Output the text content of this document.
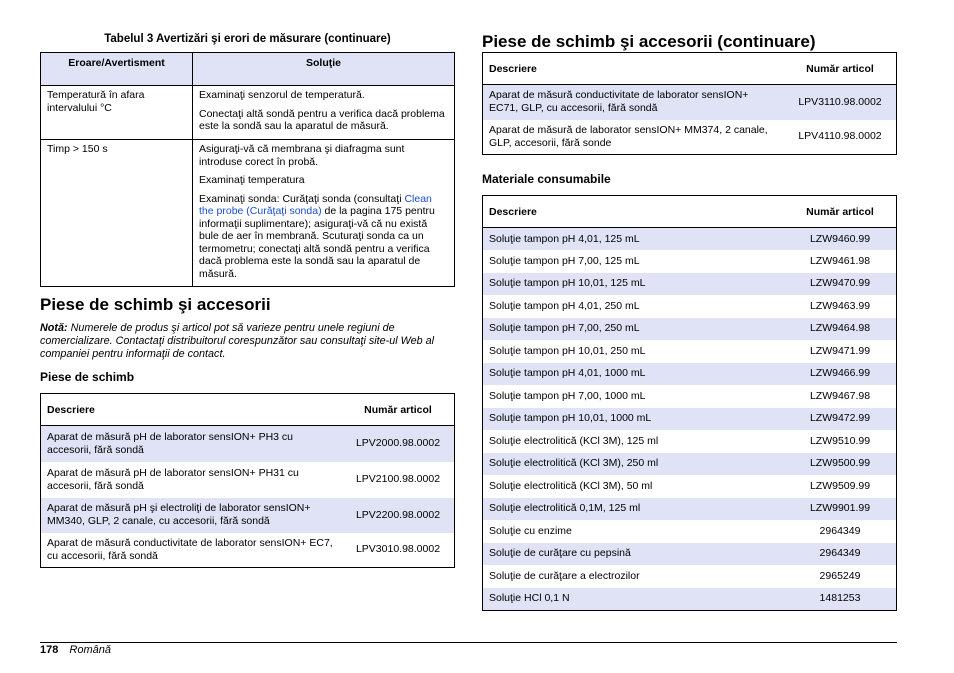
Tabelul 3 Avertizări şi erori de măsurare (continuare)
Eroare/Avertisment	Soluţie
Temperatură în afara intervalului °C	Examinaţi senzorul de temperatură.

Conectaţi altă sondă pentru a verifica dacă problema este la sondă sau la aparatul de măsură.

Timp > 150 s	Asiguraţi-vă că membrana şi diafragma sunt introduse corect în probă.

Examinaţi temperatura

Examinaţi sonda: Curăţaţi sonda (consultaţi Clean the probe (Curăţaţi sonda) de la pagina 175 pentru informaţii suplimentare); asiguraţi-vă că nu există bule de aer în membrană. Scuturaţi sonda ca un termometru; conectaţi altă sondă pentru a verifica dacă problema este la sondă sau la aparatul de măsură.

Piese de schimb şi accesorii
Notă: Numerele de produs şi articol pot să varieze pentru unele regiuni de comercializare. Contactaţi distribuitorul corespunzător sau consultaţi site-ul Web al companiei pentru informaţii de contact.
Piese de schimb
Descriere	Număr articol
Aparat de măsură pH de laborator sensION+ PH3 cu accesorii, fără sondă	LPV2000.98.0002
Aparat de măsură pH de laborator sensION+ PH31 cu accesorii, fără sondă	LPV2100.98.0002
Aparat de măsură pH şi electroliţi de laborator sensION+ MM340, GLP, 2 canale, cu accesorii, fără sondă	LPV2200.98.0002
Aparat de măsură conductivitate de laborator sensION+ EC7, cu accesorii, fără sondă	LPV3010.98.0002
Piese de schimb şi accesorii (continuare)
Descriere	Număr articol
Aparat de măsură conductivitate de laborator sensION+ EC71, GLP, cu accesorii, fără sondă	LPV3110.98.0002
Aparat de măsură de laborator sensION+ MM374, 2 canale, GLP, accesorii, fără sonde	LPV4110.98.0002
Materiale consumabile
Descriere	Număr articol
Soluţie tampon pH 4,01, 125 mL	LZW9460.99
Soluţie tampon pH 7,00, 125 mL	LZW9461.98
Soluţie tampon pH 10,01, 125 mL	LZW9470.99
Soluţie tampon pH 4,01, 250 mL	LZW9463.99
Soluţie tampon pH 7,00, 250 mL	LZW9464.98
Soluţie tampon pH 10,01, 250 mL	LZW9471.99
Soluţie tampon pH 4,01, 1000 mL	LZW9466.99
Soluţie tampon pH 7,00, 1000 mL	LZW9467.98
Soluţie tampon pH 10,01, 1000 mL	LZW9472.99
Soluţie electrolitică (KCl 3M), 125 ml	LZW9510.99
Soluţie electrolitică (KCl 3M), 250 ml	LZW9500.99
Soluţie electrolitică (KCl 3M), 50 ml	LZW9509.99
Soluţie electrolitică 0,1M, 125 ml	LZW9901.99
Soluţie cu enzime	2964349
Soluţie de curăţare cu pepsină	2964349
Soluţie de curăţare a electrozilor	2965249
Soluţie HCl 0,1 N	1481253
178 Română
